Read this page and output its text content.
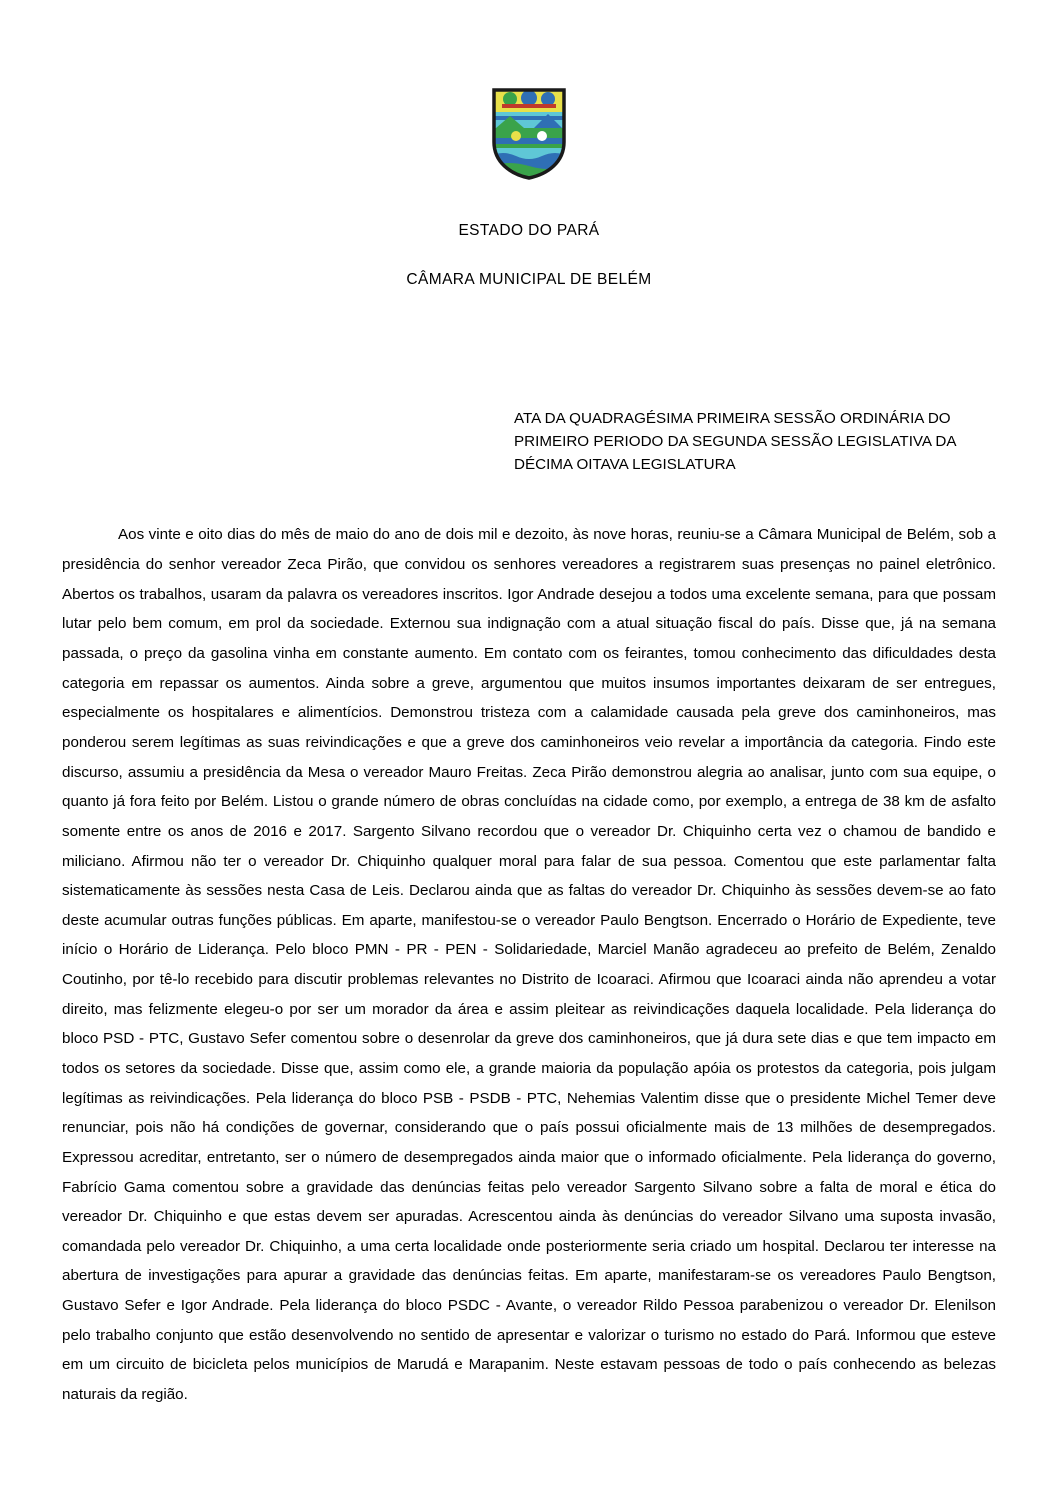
ESTADO DO PARÁ
CÂMARA MUNICIPAL DE BELÉM
ATA DA QUADRAGÉSIMA PRIMEIRA SESSÃO ORDINÁRIA DO PRIMEIRO PERIODO DA SEGUNDA SESSÃO LEGISLATIVA DA DÉCIMA OITAVA LEGISLATURA

Aos vinte e oito dias do mês de maio do ano de dois mil e dezoito, às nove horas, reuniu-se a Câmara Municipal de Belém, sob a presidência do senhor vereador Zeca Pirão, que convidou os senhores vereadores a registrarem suas presenças no painel eletrônico. Abertos os trabalhos, usaram da palavra os vereadores inscritos. Igor Andrade desejou a todos uma excelente semana, para que possam lutar pelo bem comum, em prol da sociedade. Externou sua indignação com a atual situação fiscal do país. Disse que, já na semana passada, o preço da gasolina vinha em constante aumento. Em contato com os feirantes, tomou conhecimento das dificuldades desta categoria em repassar os aumentos. Ainda sobre a greve, argumentou que muitos insumos importantes deixaram de ser entregues, especialmente os hospitalares e alimentícios. Demonstrou tristeza com a calamidade causada pela greve dos caminhoneiros, mas ponderou serem legítimas as suas reivindicações e que a greve dos caminhoneiros veio revelar a importância da categoria. Findo este discurso, assumiu a presidência da Mesa o vereador Mauro Freitas. Zeca Pirão demonstrou alegria ao analisar, junto com sua equipe, o quanto já fora feito por Belém. Listou o grande número de obras concluídas na cidade como, por exemplo, a entrega de 38 km de asfalto somente entre os anos de 2016 e 2017. Sargento Silvano recordou que o vereador Dr. Chiquinho certa vez o chamou de bandido e miliciano. Afirmou não ter o vereador Dr. Chiquinho qualquer moral para falar de sua pessoa. Comentou que este parlamentar falta sistematicamente às sessões nesta Casa de Leis. Declarou ainda que as faltas do vereador Dr. Chiquinho às sessões devem-se ao fato deste acumular outras funções públicas. Em aparte, manifestou-se o vereador Paulo Bengtson. Encerrado o Horário de Expediente, teve início o Horário de Liderança. Pelo bloco PMN - PR - PEN - Solidariedade, Marciel Manão agradeceu ao prefeito de Belém, Zenaldo Coutinho, por tê-lo recebido para discutir problemas relevantes no Distrito de Icoaraci. Afirmou que Icoaraci ainda não aprendeu a votar direito, mas felizmente elegeu-o por ser um morador da área e assim pleitear as reivindicações daquela localidade. Pela liderança do bloco PSD - PTC, Gustavo Sefer comentou sobre o desenrolar da greve dos caminhoneiros, que já dura sete dias e que tem impacto em todos os setores da sociedade. Disse que, assim como ele, a grande maioria da população apóia os protestos da categoria, pois julgam legítimas as reivindicações. Pela liderança do bloco PSB - PSDB - PTC, Nehemias Valentim disse que o presidente Michel Temer deve renunciar, pois não há condições de governar, considerando que o país possui oficialmente mais de 13 milhões de desempregados. Expressou acreditar, entretanto, ser o número de desempregados ainda maior que o informado oficialmente. Pela liderança do governo, Fabrício Gama comentou sobre a gravidade das denúncias feitas pelo vereador Sargento Silvano sobre a falta de moral e ética do vereador Dr. Chiquinho e que estas devem ser apuradas. Acrescentou ainda às denúncias do vereador Silvano uma suposta invasão, comandada pelo vereador Dr. Chiquinho, a uma certa localidade onde posteriormente seria criado um hospital. Declarou ter interesse na abertura de investigações para apurar a gravidade das denúncias feitas. Em aparte, manifestaram-se os vereadores Paulo Bengtson, Gustavo Sefer e Igor Andrade. Pela liderança do bloco PSDC - Avante, o vereador Rildo Pessoa parabenizou o vereador Dr. Elenilson pelo trabalho conjunto que estão desenvolvendo no sentido de apresentar e valorizar o turismo no estado do Pará. Informou que esteve em um circuito de bicicleta pelos municípios de Marudá e Marapanim. Neste estavam pessoas de todo o país conhecendo as belezas naturais da região.
